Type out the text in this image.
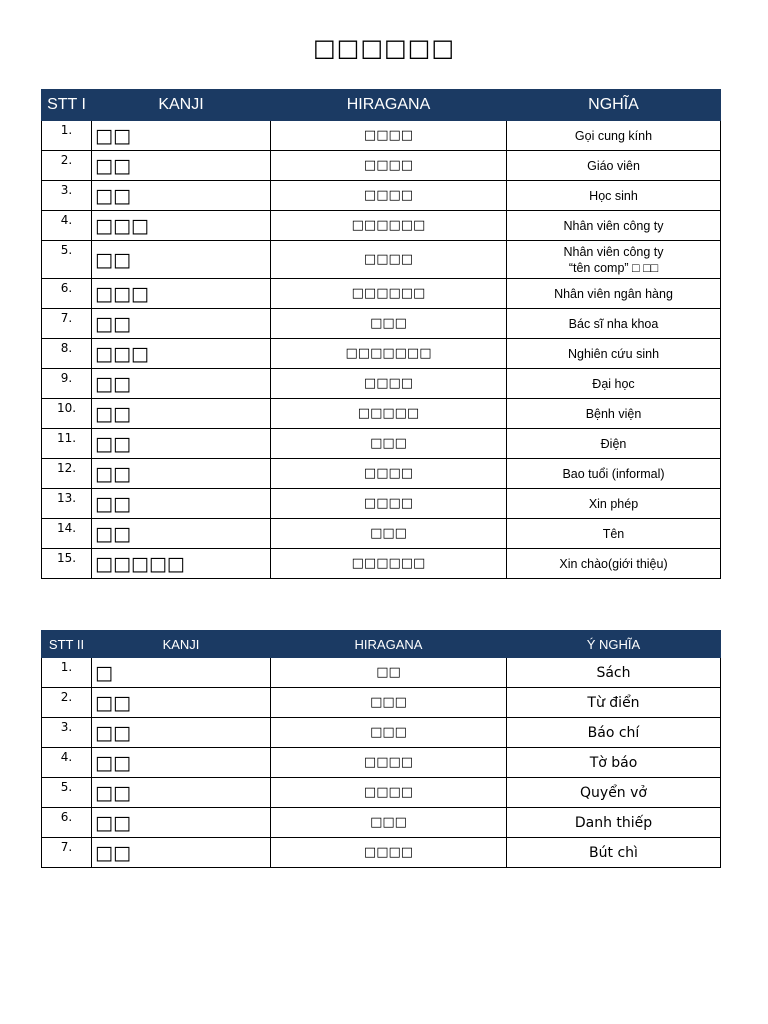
□□□□□□
STT I	KANJI	HIRAGANA	NGHĨA
1.	□□	□□□□	Gọi cung kính

2.	□□	□□□□	Giáo viên

3.	□□	□□□□	Học sinh

4.	□□□	□□□□□□	Nhân viên công ty

5.	□□	□□□□	Nhân viên công ty
“tên comp” □ □□

6.	□□□	□□□□□□	Nhân viên ngân hàng

7.	□□	□□□	Bác sĩ nha khoa

8.	□□□	□□□□□□□	Nghiên cứu sinh

9.	□□	□□□□	Đại học

10.	□□	□□□□□	Bệnh viện

11.	□□	□□□	Điện

12.	□□	□□□□	Bao tuổi (informal)

13.	□□	□□□□	Xin phép

14.	□□	□□□	Tên

15.	□□□□□	□□□□□□	Xin chào(giới thiệu)
STT II	KANJI	HIRAGANA	Ý NGHĨA
1.	□	□□	Sách

2.	□□	□□□	Từ điển

3.	□□	□□□	Báo chí

4.	□□	□□□□	Tờ báo

5.	□□	□□□□	Quyển vở

6.	□□	□□□	Danh thiếp

7.	□□	□□□□	Bút chì
